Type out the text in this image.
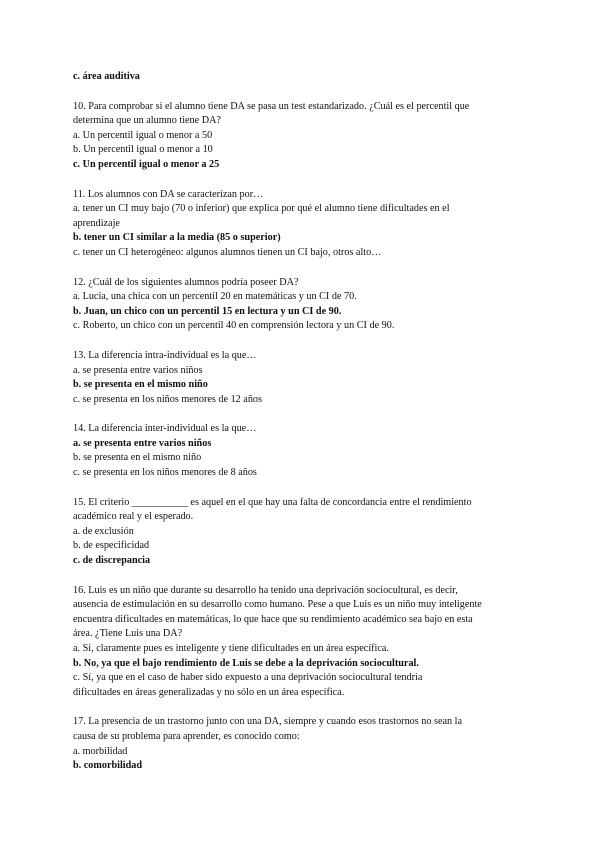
c. área auditiva
10. Para comprobar si el alumno tiene DA se pasa un test estandarizado. ¿Cuál es el percentil que
determina que un alumno tiene DA?
a. Un percentil igual o menor a 50
b. Un percentil igual o menor a 10
c. Un percentil igual o menor a 25
11. Los alumnos con DA se caracterizan por…
a. tener un CI muy bajo (70 o inferior) que explica por qué el alumno tiene dificultades en el
aprendizaje
b. tener un CI similar a la media (85 o superior)
c. tener un CI heterogéneo: algunos alumnos tienen un CI bajo, otros alto…
12. ¿Cuál de los siguientes alumnos podría poseer DA?
a. Lucía, una chica con un percentil 20 en matemáticas y un CI de 70.
b. Juan, un chico con un percentil 15 en lectura y un CI de 90.
c. Roberto, un chico con un percentil 40 en comprensión lectora y un CI de 90.
13. La diferencia intra-individual es la que…
a. se presenta entre varios niños
b. se presenta en el mismo niño
c. se presenta en los niños menores de 12 años
14. La diferencia inter-individual es la que…
a. se presenta entre varios niños
b. se presenta en el mismo niño
c. se presenta en los niños menores de 8 años
15. El criterio ___________ es aquel en el que hay una falta de concordancia entre el rendimiento
académico real y el esperado.
a. de exclusión
b. de especificidad
c. de discrepancia
16. Luis es un niño que durante su desarrollo ha tenido una deprivación sociocultural, es decir,
ausencia de estimulación en su desarrollo como humano. Pese a que Luis es un niño muy inteligente
encuentra dificultades en matemáticas, lo que hace que su rendimiento académico sea bajo en esta
área. ¿Tiene Luis una DA?
a. Sí, claramente pues es inteligente y tiene dificultades en un área específica.
b. No, ya que el bajo rendimiento de Luis se debe a la deprivación sociocultural.
c. Sí, ya que en el caso de haber sido expuesto a una deprivación sociocultural tendría
dificultades en áreas generalizadas y no sólo en un área específica.
17. La presencia de un trastorno junto con una DA, siempre y cuando esos trastornos no sean la
causa de su problema para aprender, es conocido como:
a. morbilidad
b. comorbilidad
